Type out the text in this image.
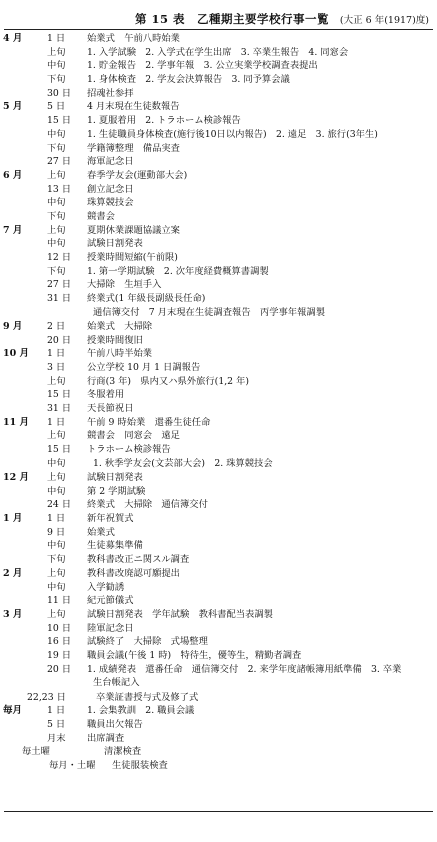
第 15 表　乙種期主要学校行事一覧 (大正 6 年(1917)度)
4 月	1 日	始業式　午前八時始業
上旬	1. 入学試験　2. 入学式在学生出席　3. 卒業生報告　4. 同窓会
中旬	1. 貯金報告　2. 学事年報　3. 公立実業学校調査表提出
下旬	1. 身体検査　2. 学友会決算報告　3. 同予算会議
30 日	招魂社参拝
5 月	5 日	4 月末現在生徒数報告
15 日	1. 夏服着用　2. トラホーム検診報告
中旬	1. 生徒職員身体検査(施行後10日以内報告)　2. 遠足　3. 旅行(3年生)
下旬	学籍簿整理　備品実査
27 日	海軍記念日
6 月	上旬	春季学友会(運動部大会)
13 日	創立記念日
中旬	珠算競技会
下旬	競書会
7 月	上旬	夏期休業課題協議立案
中旬	試験日割発表
12 日	授業時間短縮(午前限)
下旬	1. 第一学期試験　2. 次年度経費概算書調製
27 日	大掃除　生垣手入
31 日	終業式(1 年級長副級長任命)
通信簿交付　7 月末現在生徒調査報告　丙学事年報調製
9 月	2 日	始業式　大掃除
20 日	授業時間復旧
10 月	1 日	午前八時半始業
3 日	公立学校 10 月 1 日調報告
上旬	行商(3 年)　県内又ハ県外旅行(1,2 年)
15 日	冬服着用
31 日	天長節祝日
11 月	1 日	午前 9 時始業　還番生徒任命
上旬	競書会　同窓会　遠足
15 日	トラホーム検診報告
中旬	1. 秋季学友会(文芸部大会)　2. 珠算競技会
12 月	上旬	試験日割発表
中旬	第 2 学期試験
24 日	終業式　大掃除　通信簿交付
1 月	1 日	新年祝賀式
9 日	始業式
中旬	生徒募集準備
下旬	教科書改正ニ関スル調査
2 月	上旬	教科書改廃認可願提出
中旬	入学勧誘
11 日	紀元節儀式
3 月	上旬	試験日割発表　学年試験　教科書配当表調製
10 日	陸軍記念日
16 日	試験終了　大掃除　式場整理
19 日	職員会議(午後 1 時)　特待生，優等生，精勤者調査
20 日	1. 成績発表　還番任命　通信簿交付　2. 来学年度諸帳簿用紙準備　3. 卒業
生台帳記入
22,23 日	卒業証書授与式及修了式
毎月	1 日	1. 会集教訓　2. 職員会議
5 日	職員出欠報告
月末	出席調査
毎土曜	清潔検査
毎月・土曜	生徒服装検査
